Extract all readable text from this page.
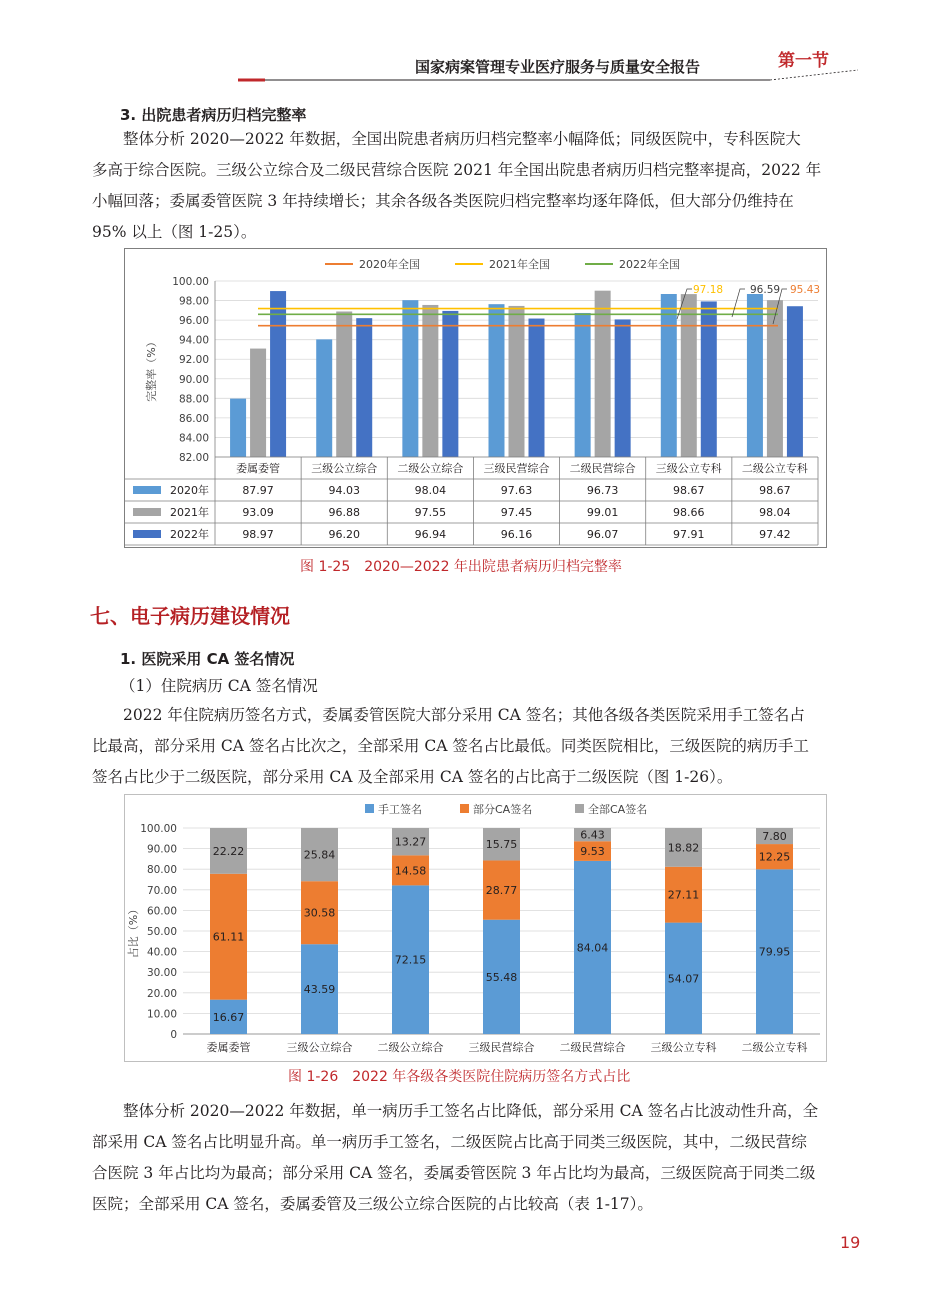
国家病案管理专业医疗服务与质量安全报告	第一节
3. 出院患者病历归档完整率
整体分析 2020—2022 年数据，全国出院患者病历归档完整率小幅降低；同级医院中，专科医院大
多高于综合医院。三级公立综合及二级民营综合医院 2021 年全国出院患者病历归档完整率提高，2022 年
小幅回落；委属委管医院 3 年持续增长；其余各级各类医院归档完整率均逐年降低，但大部分仍维持在
95% 以上（图 1-25）。
2020年全国	2021年全国	2022年全国
100.00
98.00
96.00
94.00
92.00
90.00
88.00
86.00
84.00
82.00
完整率（%）
97.18	96.59 95.43
委属委管	三级公立综合 二级公立综合 三级民营综合 二级民营综合 三级公立专科 二级公立专科
2020年	87.97	94.03	98.04	97.63	96.73	98.67	98.67
2021年	93.09	96.88	97.55	97.45	99.01	98.66	98.04
2022年	98.97	96.20	96.94	96.16	96.07	97.91	97.42
图 1-25　2020—2022 年出院患者病历归档完整率
七、电子病历建设情况
1. 医院采用 CA 签名情况
（1）住院病历 CA 签名情况
2022 年住院病历签名方式，委属委管医院大部分采用 CA 签名；其他各级各类医院采用手工签名占
比最高，部分采用 CA 签名占比次之，全部采用 CA 签名占比最低。同类医院相比，三级医院的病历手工
签名占比少于二级医院，部分采用 CA 及全部采用 CA 签名的占比高于二级医院（图 1-26）。
手工签名	部分CA签名	全部CA签名
100.00
90.00
80.00
70.00
60.00
50.00
40.00
30.00
20.00
10.00
0
占比（%）
16.67
61.11
22.22
委属委管
43.59
30.58
25.84
三级公立综合
72.15
14.58
13.27
二级公立综合
55.48
28.77
15.75
三级民营综合
84.04
9.53
6.43
二级民营综合
54.07
27.11
18.82
三级公立专科
79.95
12.25
7.80
二级公立专科
图 1-26　2022 年各级各类医院住院病历签名方式占比
整体分析 2020—2022 年数据，单一病历手工签名占比降低，部分采用 CA 签名占比波动性升高，全
部采用 CA 签名占比明显升高。单一病历手工签名，二级医院占比高于同类三级医院，其中，二级民营综
合医院 3 年占比均为最高；部分采用 CA 签名，委属委管医院 3 年占比均为最高，三级医院高于同类二级
医院；全部采用 CA 签名，委属委管及三级公立综合医院的占比较高（表 1-17）。
19
